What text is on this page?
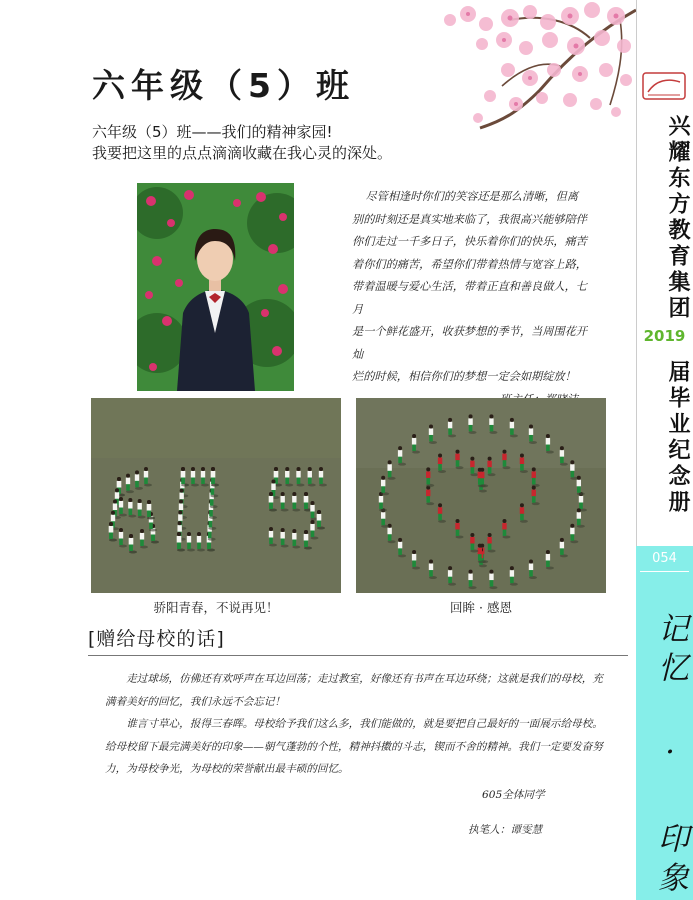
六年级（5）班
六年级（5）班——我们的精神家园!
我要把这里的点点滴滴收藏在我心灵的深处。
尽管相逢时你们的笑容还是那么清晰，但离
别的时刻还是真实地来临了，我很高兴能够陪伴
你们走过一千多日子，快乐着你们的快乐，痛苦
着你们的痛苦，希望你们带着热情与宽容上路，
带着温暖与爱心生活，带着正直和善良做人，七月
是一个鲜花盛开，收获梦想的季节，当周围花开灿
烂的时候，相信你们的梦想一定会如期绽放！
骄阳青春，不说再见！	回眸 · 感恩
[赠给母校的话]
走过球场，仿佛还有欢呼声在耳边回荡；走过教室，好像还有书声在耳边环绕；这就是我们的母校，充满着美好的回忆，我们永远不会忘记！
谁言寸草心，报得三春晖。母校给予我们这么多，我们能做的，就是要把自己最好的一面展示给母校。给母校留下最完满美好的印象——朝气蓬勃的个性，精神抖擞的斗志，锲而不舍的精神。我们一定要发奋努力，为母校争光，为母校的荣誉献出最丰硕的回忆。
605全体同学
执笔人：谭雯慧
兴耀东方教育集团
2019
届毕业纪念册
054
记忆 · 印象
